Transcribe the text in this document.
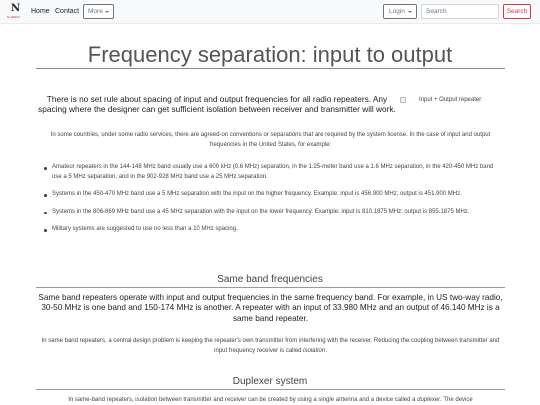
N
N-MEDIA
Home Contact	More	Login
Search	Search
Frequency separation: input to output

There is no set rule about spacing of input and output frequencies for all radio repeaters. Any spacing where the designer can get sufficient isolation between receiver and transmitter will work.

Input + Output repeater

In some countries, under some radio services, there are agreed-on conventions or separations that are required by the system license. In the case of input and output frequencies in the United States, for example:

Amateur repeaters in the 144-148 MHz band usually use a 600 kHz (0.6 MHz) separation, in the 1.25-meter band use a 1.6 MHz separation, in the 420-450 MHz band use a 5 MHz separation, and in the 902-928 MHz band use a 25 MHz separation.
Systems in the 450-470 MHz band use a 5 MHz separation with the input on the higher frequency. Example: input is 456.900 MHz; output is 451.900 MHz.
Systems in the 806-869 MHz band use a 45 MHz separation with the input on the lower frequency. Example: input is 810.1875 MHz; output is 855.1875 MHz.
Military systems are suggested to use no less than a 10 MHz spacing.
Same band frequencies

Same band repeaters operate with input and output frequencies in the same frequency band. For example, in US two-way radio, 30-50 MHz is one band and 150-174 MHz is another. A repeater with an input of 33.980 MHz and an output of 46.140 MHz is a same band repeater.

In same band repeaters, a central design problem is keeping the repeater's own transmitter from interfering with the receiver. Reducing the coupling between transmitter and input frequency receiver is called isolation.

Duplexer system

In same-band repeaters, isolation between transmitter and receiver can be created by using a single antenna and a device called a duplexer. The device
